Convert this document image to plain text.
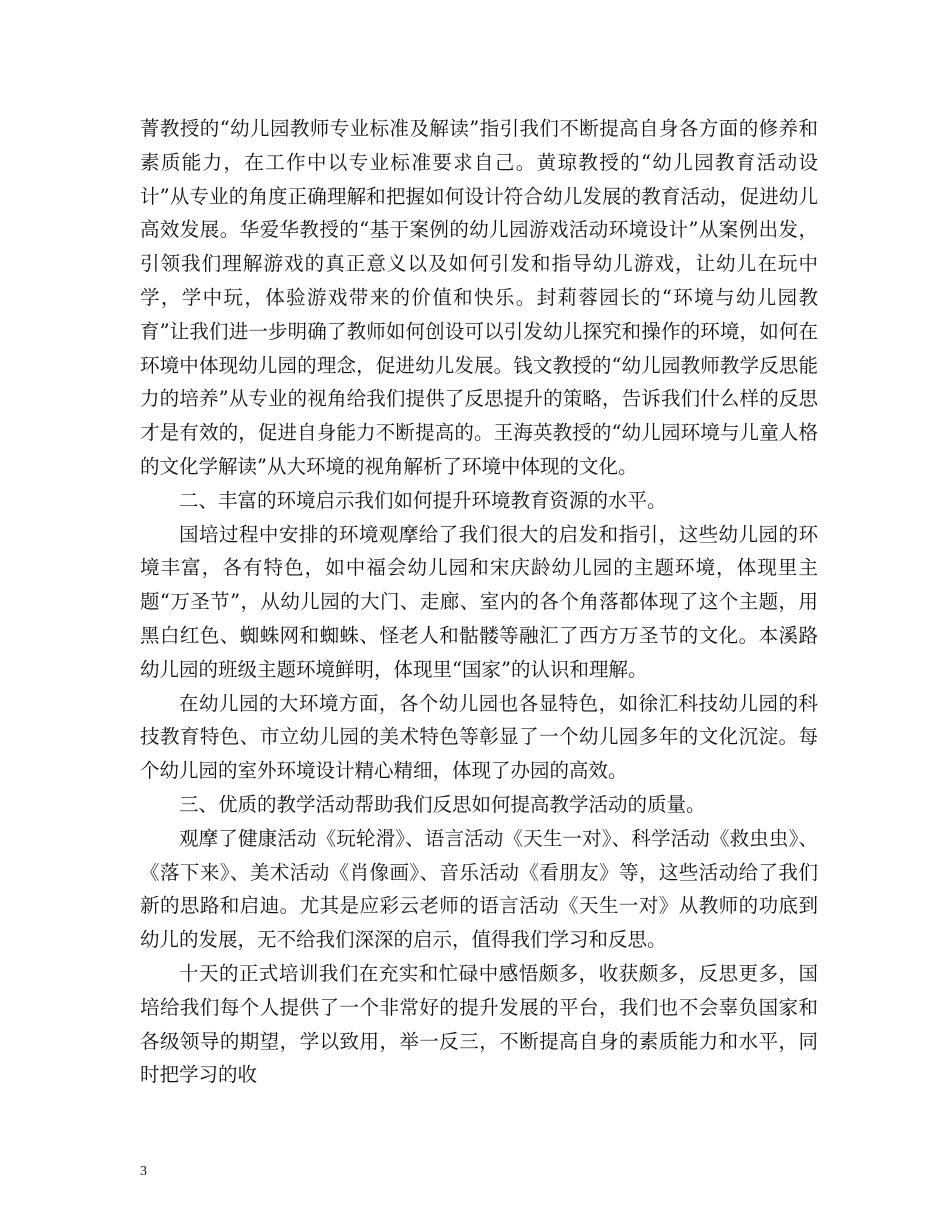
菁教授的“幼儿园教师专业标准及解读”指引我们不断提高自身各方面的修养和素质能力，在工作中以专业标准要求自己。黄琼教授的“幼儿园教育活动设计”从专业的角度正确理解和把握如何设计符合幼儿发展的教育活动，促进幼儿高效发展。华爱华教授的“基于案例的幼儿园游戏活动环境设计”从案例出发，引领我们理解游戏的真正意义以及如何引发和指导幼儿游戏，让幼儿在玩中学，学中玩，体验游戏带来的价值和快乐。封莉蓉园长的“环境与幼儿园教育”让我们进一步明确了教师如何创设可以引发幼儿探究和操作的环境，如何在环境中体现幼儿园的理念，促进幼儿发展。钱文教授的“幼儿园教师教学反思能力的培养”从专业的视角给我们提供了反思提升的策略，告诉我们什么样的反思才是有效的，促进自身能力不断提高的。王海英教授的“幼儿园环境与儿童人格的文化学解读”从大环境的视角解析了环境中体现的文化。

二、丰富的环境启示我们如何提升环境教育资源的水平。

国培过程中安排的环境观摩给了我们很大的启发和指引，这些幼儿园的环境丰富，各有特色，如中福会幼儿园和宋庆龄幼儿园的主题环境，体现里主题“万圣节”，从幼儿园的大门、走廊、室内的各个角落都体现了这个主题，用黑白红色、蜘蛛网和蜘蛛、怪老人和骷髅等融汇了西方万圣节的文化。本溪路幼儿园的班级主题环境鲜明，体现里“国家”的认识和理解。

在幼儿园的大环境方面，各个幼儿园也各显特色，如徐汇科技幼儿园的科技教育特色、市立幼儿园的美术特色等彰显了一个幼儿园多年的文化沉淀。每个幼儿园的室外环境设计精心精细，体现了办园的高效。

三、优质的教学活动帮助我们反思如何提高教学活动的质量。

观摩了健康活动《玩轮滑》、语言活动《天生一对》、科学活动《救虫虫》、《落下来》、美术活动《肖像画》、音乐活动《看朋友》等，这些活动给了我们新的思路和启迪。尤其是应彩云老师的语言活动《天生一对》从教师的功底到幼儿的发展，无不给我们深深的启示，值得我们学习和反思。

十天的正式培训我们在充实和忙碌中感悟颇多，收获颇多，反思更多，国培给我们每个人提供了一个非常好的提升发展的平台，我们也不会辜负国家和各级领导的期望，学以致用，举一反三，不断提高自身的素质能力和水平，同时把学习的收

3
